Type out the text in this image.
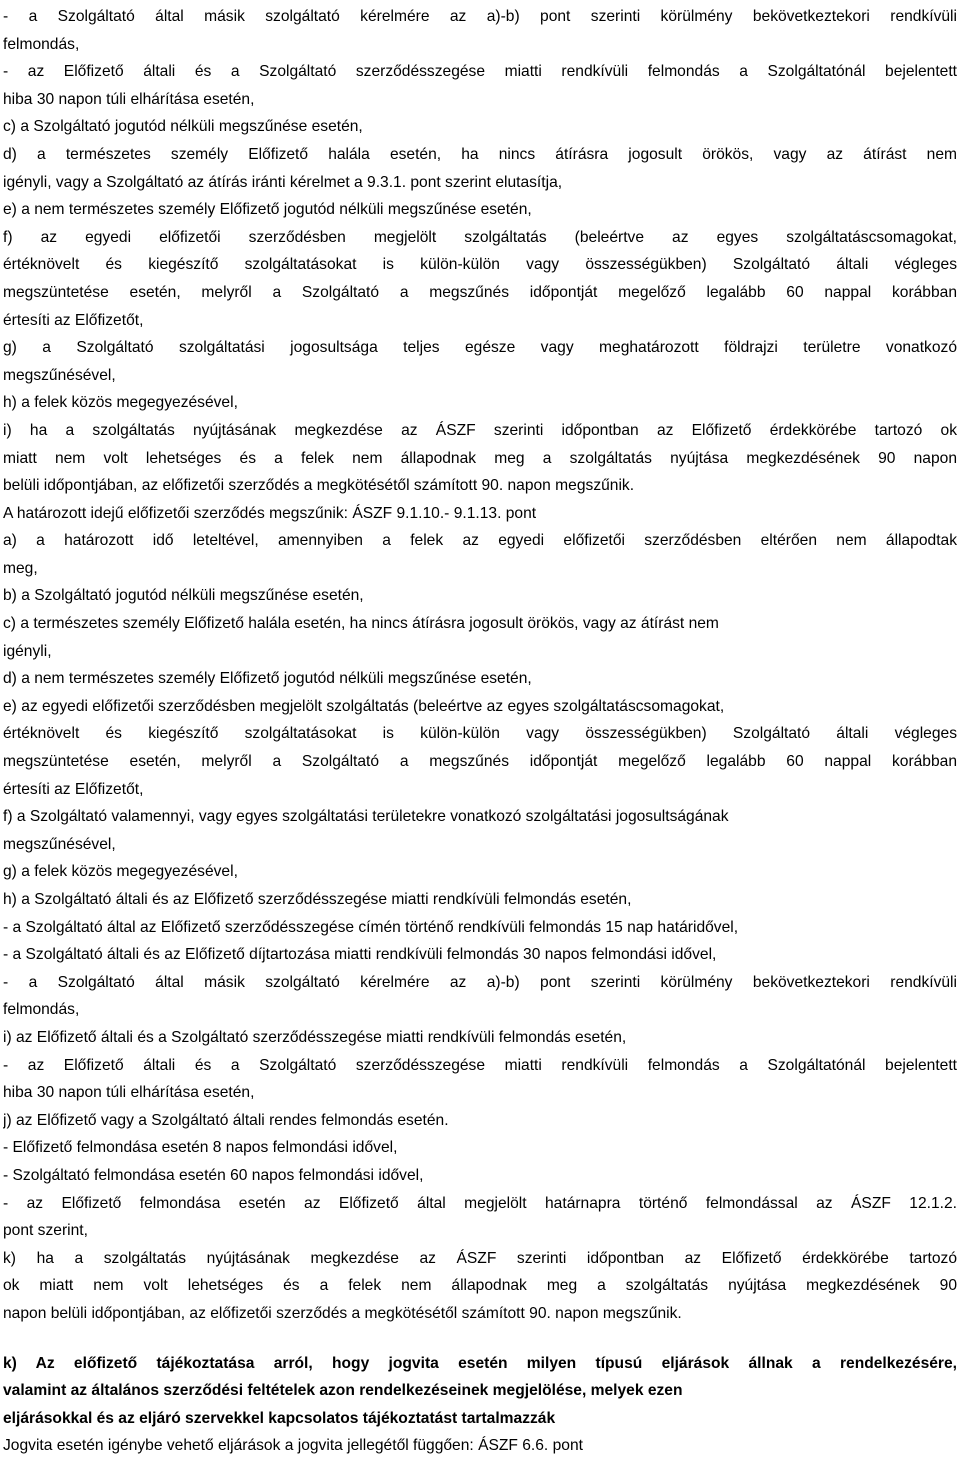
- a Szolgáltató által másik szolgáltató kérelmére az a)-b) pont szerinti körülmény bekövetkeztekori rendkívüli
felmondás,
- az Előfizető általi és a Szolgáltató szerződésszegése miatti rendkívüli felmondás a Szolgáltatónál bejelentett
hiba 30 napon túli elhárítása esetén,
c) a Szolgáltató jogutód nélküli megszűnése esetén,
d) a természetes személy Előfizető halála esetén, ha nincs átírásra jogosult örökös, vagy az átírást nem
igényli, vagy a Szolgáltató az átírás iránti kérelmet a 9.3.1. pont szerint elutasítja,
e) a nem természetes személy Előfizető jogutód nélküli megszűnése esetén,
f) az egyedi előfizetői szerződésben megjelölt szolgáltatás (beleértve az egyes szolgáltatáscsomagokat,
értéknövelt és kiegészítő szolgáltatásokat is külön-külön vagy összességükben) Szolgáltató általi végleges
megszüntetése esetén, melyről a Szolgáltató a megszűnés időpontját megelőző legalább 60 nappal korábban
értesíti az Előfizetőt,
g) a Szolgáltató szolgáltatási jogosultsága teljes egésze vagy meghatározott földrajzi területre vonatkozó
megszűnésével,
h) a felek közös megegyezésével,
i) ha a szolgáltatás nyújtásának megkezdése az ÁSZF szerinti időpontban az Előfizető érdekkörébe tartozó ok
miatt nem volt lehetséges és a felek nem állapodnak meg a szolgáltatás nyújtása megkezdésének 90 napon
belüli időpontjában, az előfizetői szerződés a megkötésétől számított 90. napon megszűnik.
A határozott idejű előfizetői szerződés megszűnik: ÁSZF 9.1.10.- 9.1.13. pont
a) a határozott idő leteltével, amennyiben a felek az egyedi előfizetői szerződésben eltérően nem állapodtak
meg,
b) a Szolgáltató jogutód nélküli megszűnése esetén,
c) a természetes személy Előfizető halála esetén, ha nincs átírásra jogosult örökös, vagy az átírást nem
igényli,
d) a nem természetes személy Előfizető jogutód nélküli megszűnése esetén,
e) az egyedi előfizetői szerződésben megjelölt szolgáltatás (beleértve az egyes szolgáltatáscsomagokat,
értéknövelt és kiegészítő szolgáltatásokat is külön-külön vagy összességükben) Szolgáltató általi végleges
megszüntetése esetén, melyről a Szolgáltató a megszűnés időpontját megelőző legalább 60 nappal korábban
értesíti az Előfizetőt,
f) a Szolgáltató valamennyi, vagy egyes szolgáltatási területekre vonatkozó szolgáltatási jogosultságának
megszűnésével,
g) a felek közös megegyezésével,
h) a Szolgáltató általi és az Előfizető szerződésszegése miatti rendkívüli felmondás esetén,
- a Szolgáltató által az Előfizető szerződésszegése címén történő rendkívüli felmondás 15 nap határidővel,
- a Szolgáltató általi és az Előfizető díjtartozása miatti rendkívüli felmondás 30 napos felmondási idővel,
- a Szolgáltató által másik szolgáltató kérelmére az a)-b) pont szerinti körülmény bekövetkeztekori rendkívüli
felmondás,
i) az Előfizető általi és a Szolgáltató szerződésszegése miatti rendkívüli felmondás esetén,
- az Előfizető általi és a Szolgáltató szerződésszegése miatti rendkívüli felmondás a Szolgáltatónál bejelentett
hiba 30 napon túli elhárítása esetén,
j) az Előfizető vagy a Szolgáltató általi rendes felmondás esetén.
- Előfizető felmondása esetén 8 napos felmondási idővel,
- Szolgáltató felmondása esetén 60 napos felmondási idővel,
- az Előfizető felmondása esetén az Előfizető által megjelölt határnapra történő felmondással az ÁSZF 12.1.2.
pont szerint,
k) ha a szolgáltatás nyújtásának megkezdése az ÁSZF szerinti időpontban az Előfizető érdekkörébe tartozó
ok miatt nem volt lehetséges és a felek nem állapodnak meg a szolgáltatás nyújtása megkezdésének 90
napon belüli időpontjában, az előfizetői szerződés a megkötésétől számított 90. napon megszűnik.
k) Az előfizető tájékoztatása arról, hogy jogvita esetén milyen típusú eljárások állnak a rendelkezésére,
valamint az általános szerződési feltételek azon rendelkezéseinek megjelölése, melyek ezen
eljárásokkal és az eljáró szervekkel kapcsolatos tájékoztatást tartalmazzák
Jogvita esetén igénybe vehető eljárások a jogvita jellegétől függően: ÁSZF 6.6. pont
